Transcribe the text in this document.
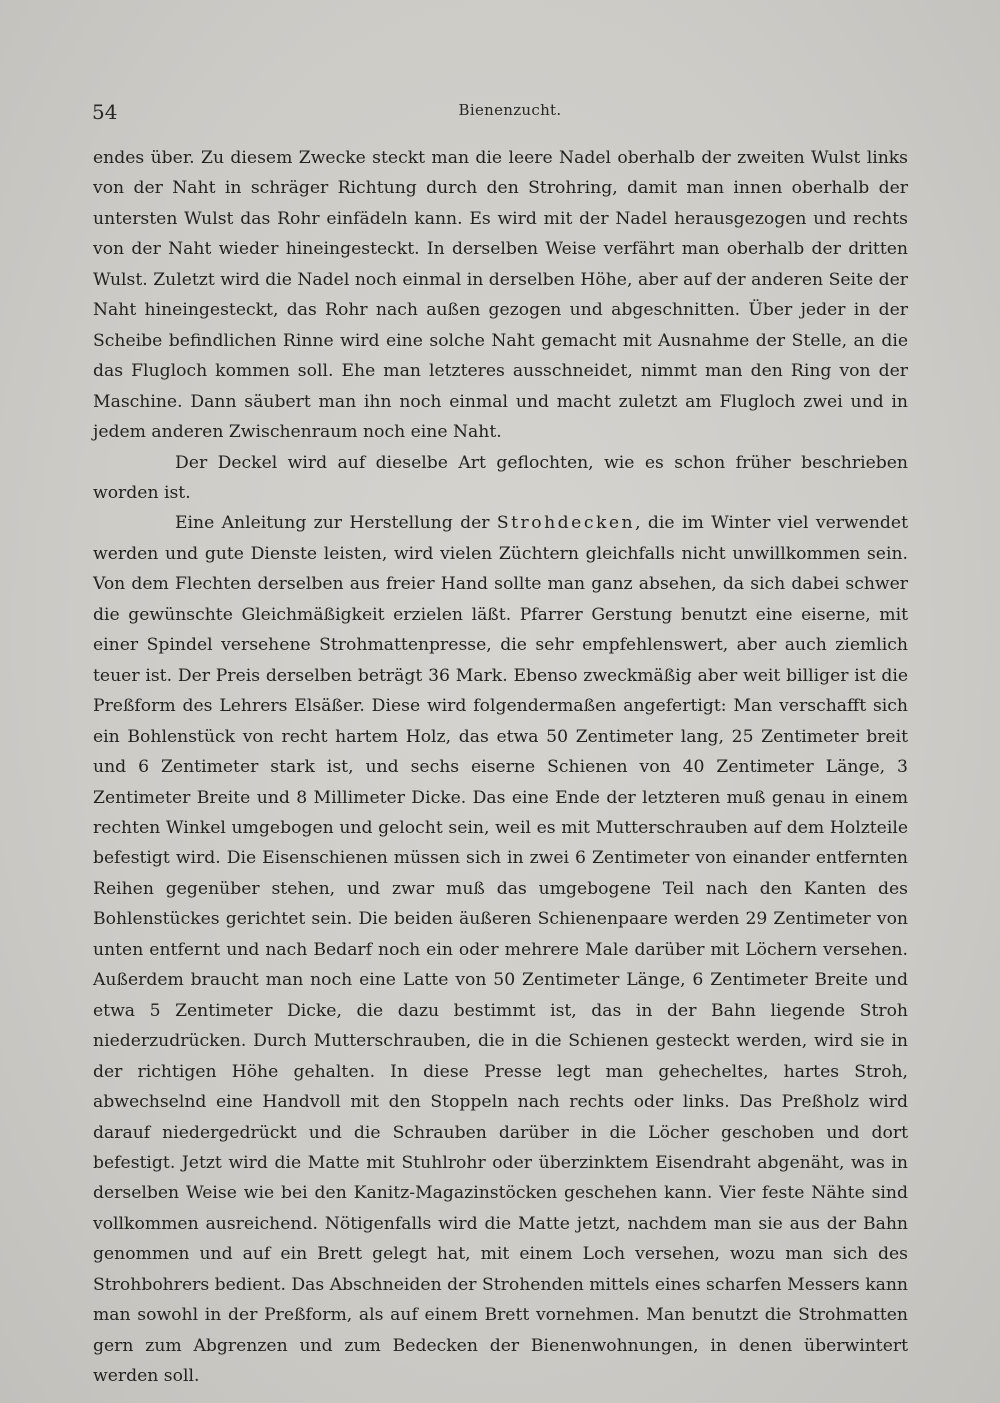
54	Bienenzucht.

endes über. Zu diesem Zwecke steckt man die leere Nadel oberhalb der zweiten Wulst links von der Naht in schräger Richtung durch den Strohring, damit man innen oberhalb der untersten Wulst das Rohr einfädeln kann. Es wird mit der Nadel herausgezogen und rechts von der Naht wieder hineingesteckt. In derselben Weise verfährt man oberhalb der dritten Wulst. Zuletzt wird die Nadel noch einmal in derselben Höhe, aber auf der anderen Seite der Naht hineingesteckt, das Rohr nach außen gezogen und abgeschnitten. Über jeder in der Scheibe befindlichen Rinne wird eine solche Naht gemacht mit Ausnahme der Stelle, an die das Flugloch kommen soll. Ehe man letzteres ausschneidet, nimmt man den Ring von der Maschine. Dann säubert man ihn noch einmal und macht zuletzt am Flugloch zwei und in jedem anderen Zwischenraum noch eine Naht.

Der Deckel wird auf dieselbe Art geflochten, wie es schon früher beschrieben worden ist.

Eine Anleitung zur Herstellung der Strohdecken, die im Winter viel verwendet werden und gute Dienste leisten, wird vielen Züchtern gleichfalls nicht unwillkommen sein. Von dem Flechten derselben aus freier Hand sollte man ganz absehen, da sich dabei schwer die gewünschte Gleichmäßigkeit erzielen läßt. Pfarrer Gerstung benutzt eine eiserne, mit einer Spindel versehene Strohmattenpresse, die sehr empfehlenswert, aber auch ziemlich teuer ist. Der Preis derselben beträgt 36 Mark. Ebenso zweckmäßig aber weit billiger ist die Preßform des Lehrers Elsäßer. Diese wird folgendermaßen angefertigt: Man verschafft sich ein Bohlenstück von recht hartem Holz, das etwa 50 Zentimeter lang, 25 Zentimeter breit und 6 Zentimeter stark ist, und sechs eiserne Schienen von 40 Zentimeter Länge, 3 Zentimeter Breite und 8 Millimeter Dicke. Das eine Ende der letzteren muß genau in einem rechten Winkel umgebogen und gelocht sein, weil es mit Mutterschrauben auf dem Holzteile befestigt wird. Die Eisenschienen müssen sich in zwei 6 Zentimeter von einander entfernten Reihen gegenüber stehen, und zwar muß das umgebogene Teil nach den Kanten des Bohlenstückes gerichtet sein. Die beiden äußeren Schienenpaare werden 29 Zentimeter von unten entfernt und nach Bedarf noch ein oder mehrere Male darüber mit Löchern versehen. Außerdem braucht man noch eine Latte von 50 Zentimeter Länge, 6 Zentimeter Breite und etwa 5 Zentimeter Dicke, die dazu bestimmt ist, das in der Bahn liegende Stroh niederzudrücken. Durch Mutterschrauben, die in die Schienen gesteckt werden, wird sie in der richtigen Höhe gehalten. In diese Presse legt man gehecheltes, hartes Stroh, abwechselnd eine Handvoll mit den Stoppeln nach rechts oder links. Das Preßholz wird darauf niedergedrückt und die Schrauben darüber in die Löcher geschoben und dort befestigt. Jetzt wird die Matte mit Stuhlrohr oder überzinktem Eisendraht abgenäht, was in derselben Weise wie bei den Kanitz-Magazinstöcken geschehen kann. Vier feste Nähte sind vollkommen ausreichend. Nötigenfalls wird die Matte jetzt, nachdem man sie aus der Bahn genommen und auf ein Brett gelegt hat, mit einem Loch versehen, wozu man sich des Strohbohrers bedient. Das Abschneiden der Strohenden mittels eines scharfen Messers kann man sowohl in der Preßform, als auf einem Brett vornehmen. Man benutzt die Strohmatten gern zum Abgrenzen und zum Bedecken der Bienenwohnungen, in denen überwintert werden soll.
